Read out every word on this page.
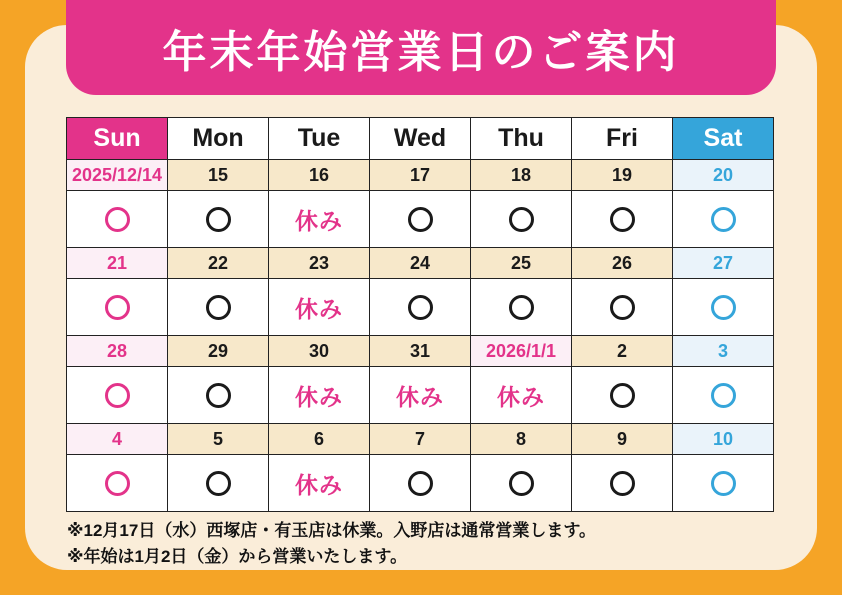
年末年始営業日のご案内
Sun	Mon	Tue	Wed	Thu	Fri	Sat
2025/12/14	15	16	17	18	19	20
		休み				
21	22	23	24	25	26	27
		休み				
28	29	30	31	2026/1/1	2	3
		休み	休み	休み		
4	5	6	7	8	9	10
		休み				

※12月17日（水）西塚店・有玉店は休業。入野店は通常営業します。

※年始は1月2日（金）から営業いたします。
